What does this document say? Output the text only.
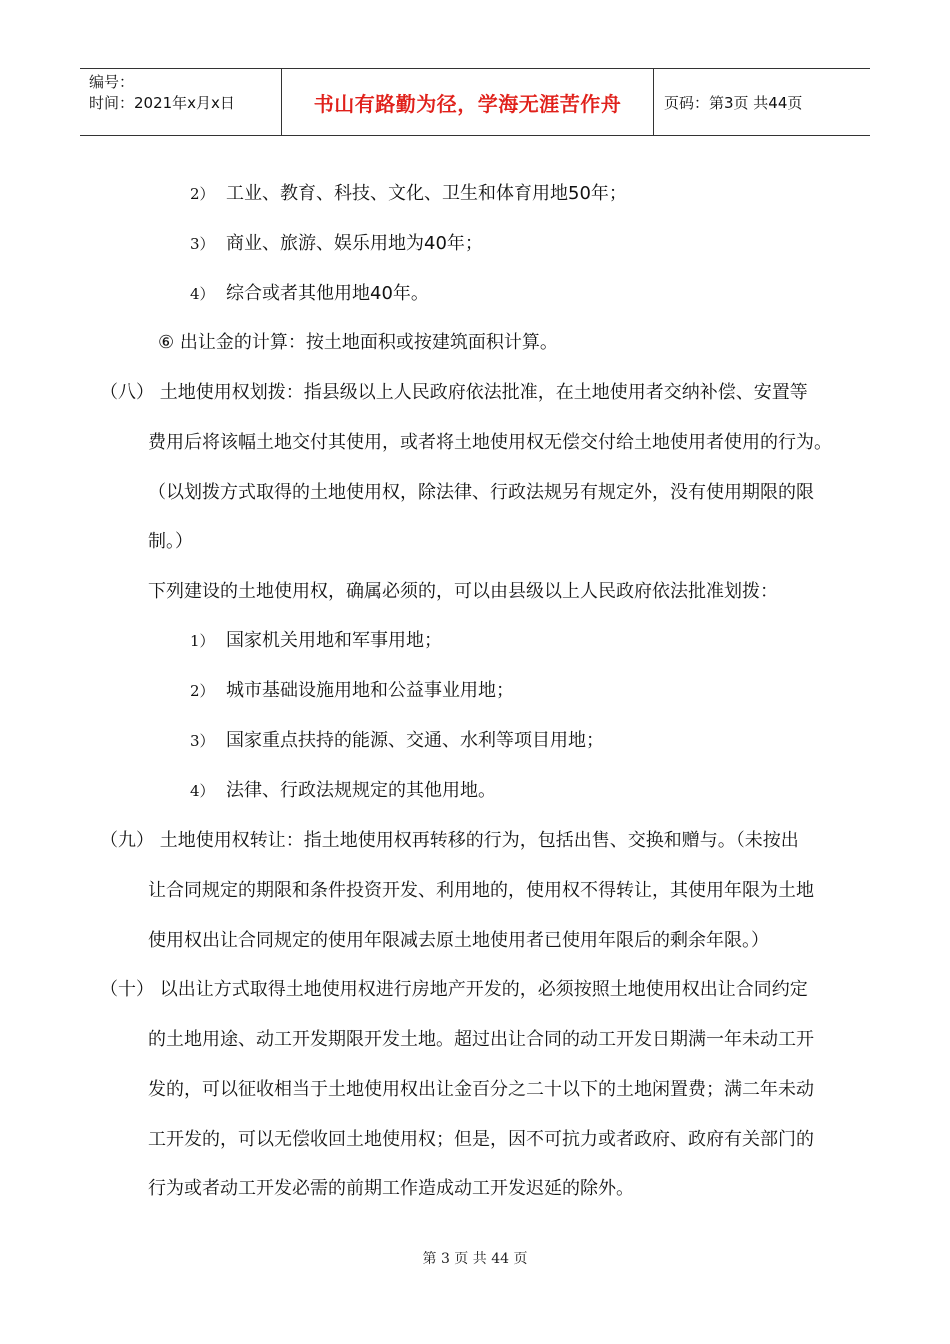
编号：
时间：2021年x月x日	书山有路勤为径，学海无涯苦作舟	页码：第3页 共44页
2） 工业、教育、科技、文化、卫生和体育用地50年；
3） 商业、旅游、娱乐用地为40年；
4） 综合或者其他用地40年。
⑥ 出让金的计算：按土地面积或按建筑面积计算。
（八） 土地使用权划拨：指县级以上人民政府依法批准，在土地使用者交纳补偿、安置等
费用后将该幅土地交付其使用，或者将土地使用权无偿交付给土地使用者使用的行为。
（以划拨方式取得的土地使用权，除法律、行政法规另有规定外，没有使用期限的限
制。）
下列建设的土地使用权，确属必须的，可以由县级以上人民政府依法批准划拨：
1） 国家机关用地和军事用地；
2） 城市基础设施用地和公益事业用地；
3） 国家重点扶持的能源、交通、水利等项目用地；
4） 法律、行政法规规定的其他用地。
（九） 土地使用权转让：指土地使用权再转移的行为，包括出售、交换和赠与。（未按出
让合同规定的期限和条件投资开发、利用地的，使用权不得转让，其使用年限为土地
使用权出让合同规定的使用年限减去原土地使用者已使用年限后的剩余年限。）
（十） 以出让方式取得土地使用权进行房地产开发的，必须按照土地使用权出让合同约定
的土地用途、动工开发期限开发土地。超过出让合同的动工开发日期满一年未动工开
发的，可以征收相当于土地使用权出让金百分之二十以下的土地闲置费；满二年未动
工开发的，可以无偿收回土地使用权；但是，因不可抗力或者政府、政府有关部门的
行为或者动工开发必需的前期工作造成动工开发迟延的除外。
第 3 页 共 44 页
